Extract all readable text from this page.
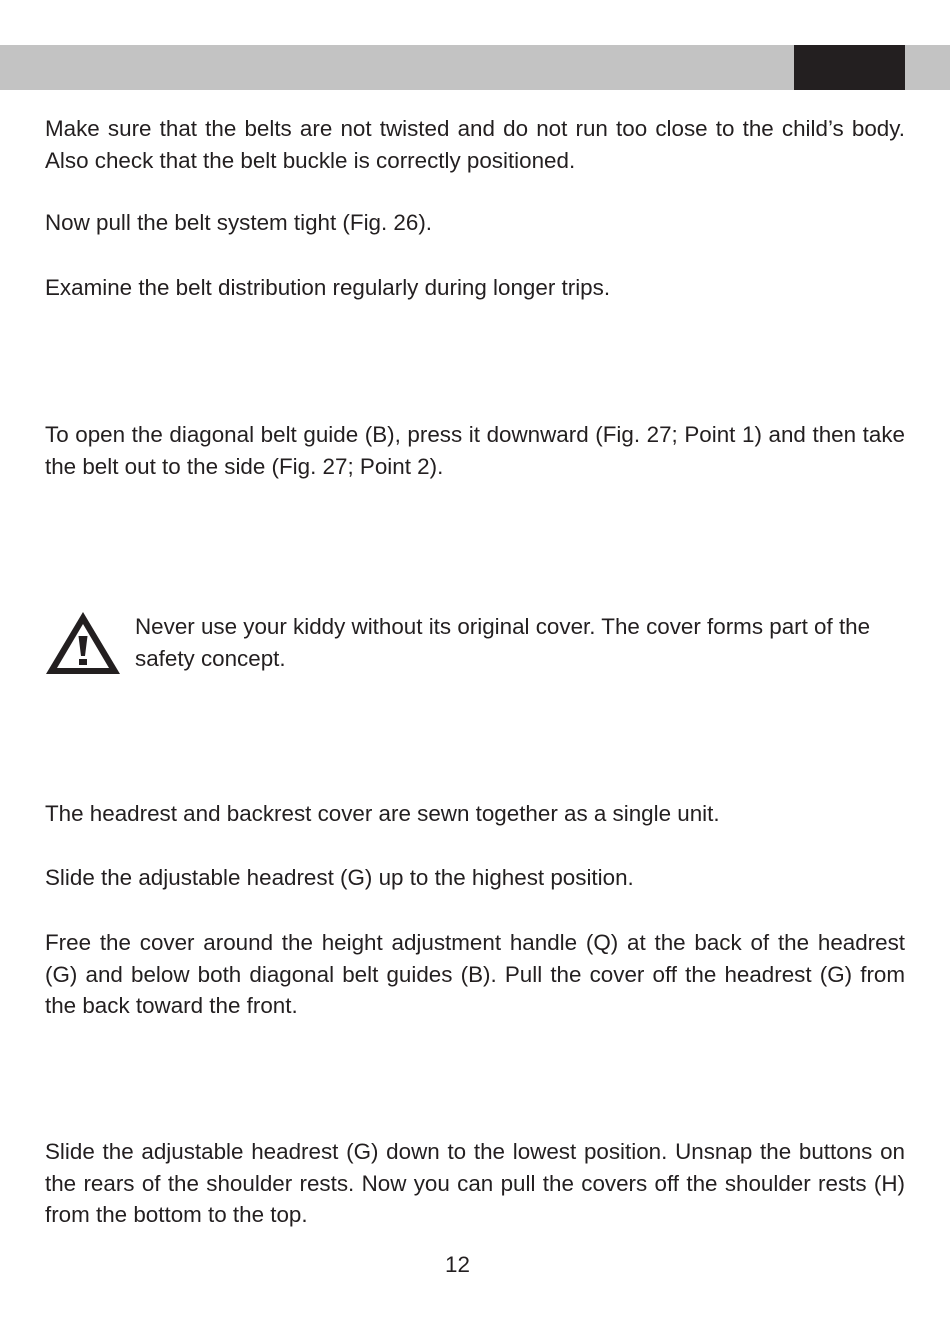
Make sure that the belts are not twisted and do not run too close to the child’s body. Also check that the belt buckle is correctly positioned.

Now pull the belt system tight (Fig. 26).

Examine the belt distribution regularly during longer trips.

To open the diagonal belt guide (B), press it downward (Fig. 27; Point 1) and then take the belt out to the side (Fig. 27; Point 2).

Never use your kiddy without its original cover. The cover forms part of the safety concept.

The headrest and backrest cover are sewn together as a single unit.

Slide the adjustable headrest (G) up to the highest position.

Free the cover around the height adjustment handle (Q) at the back of the headrest (G) and below both diagonal belt guides (B). Pull the cover off the headrest (G) from the back toward the front.

Slide the adjustable headrest (G) down to the lowest position. Unsnap the buttons on the rears of the shoulder rests. Now you can pull the covers off the shoulder rests (H) from the bottom to the top.

12
